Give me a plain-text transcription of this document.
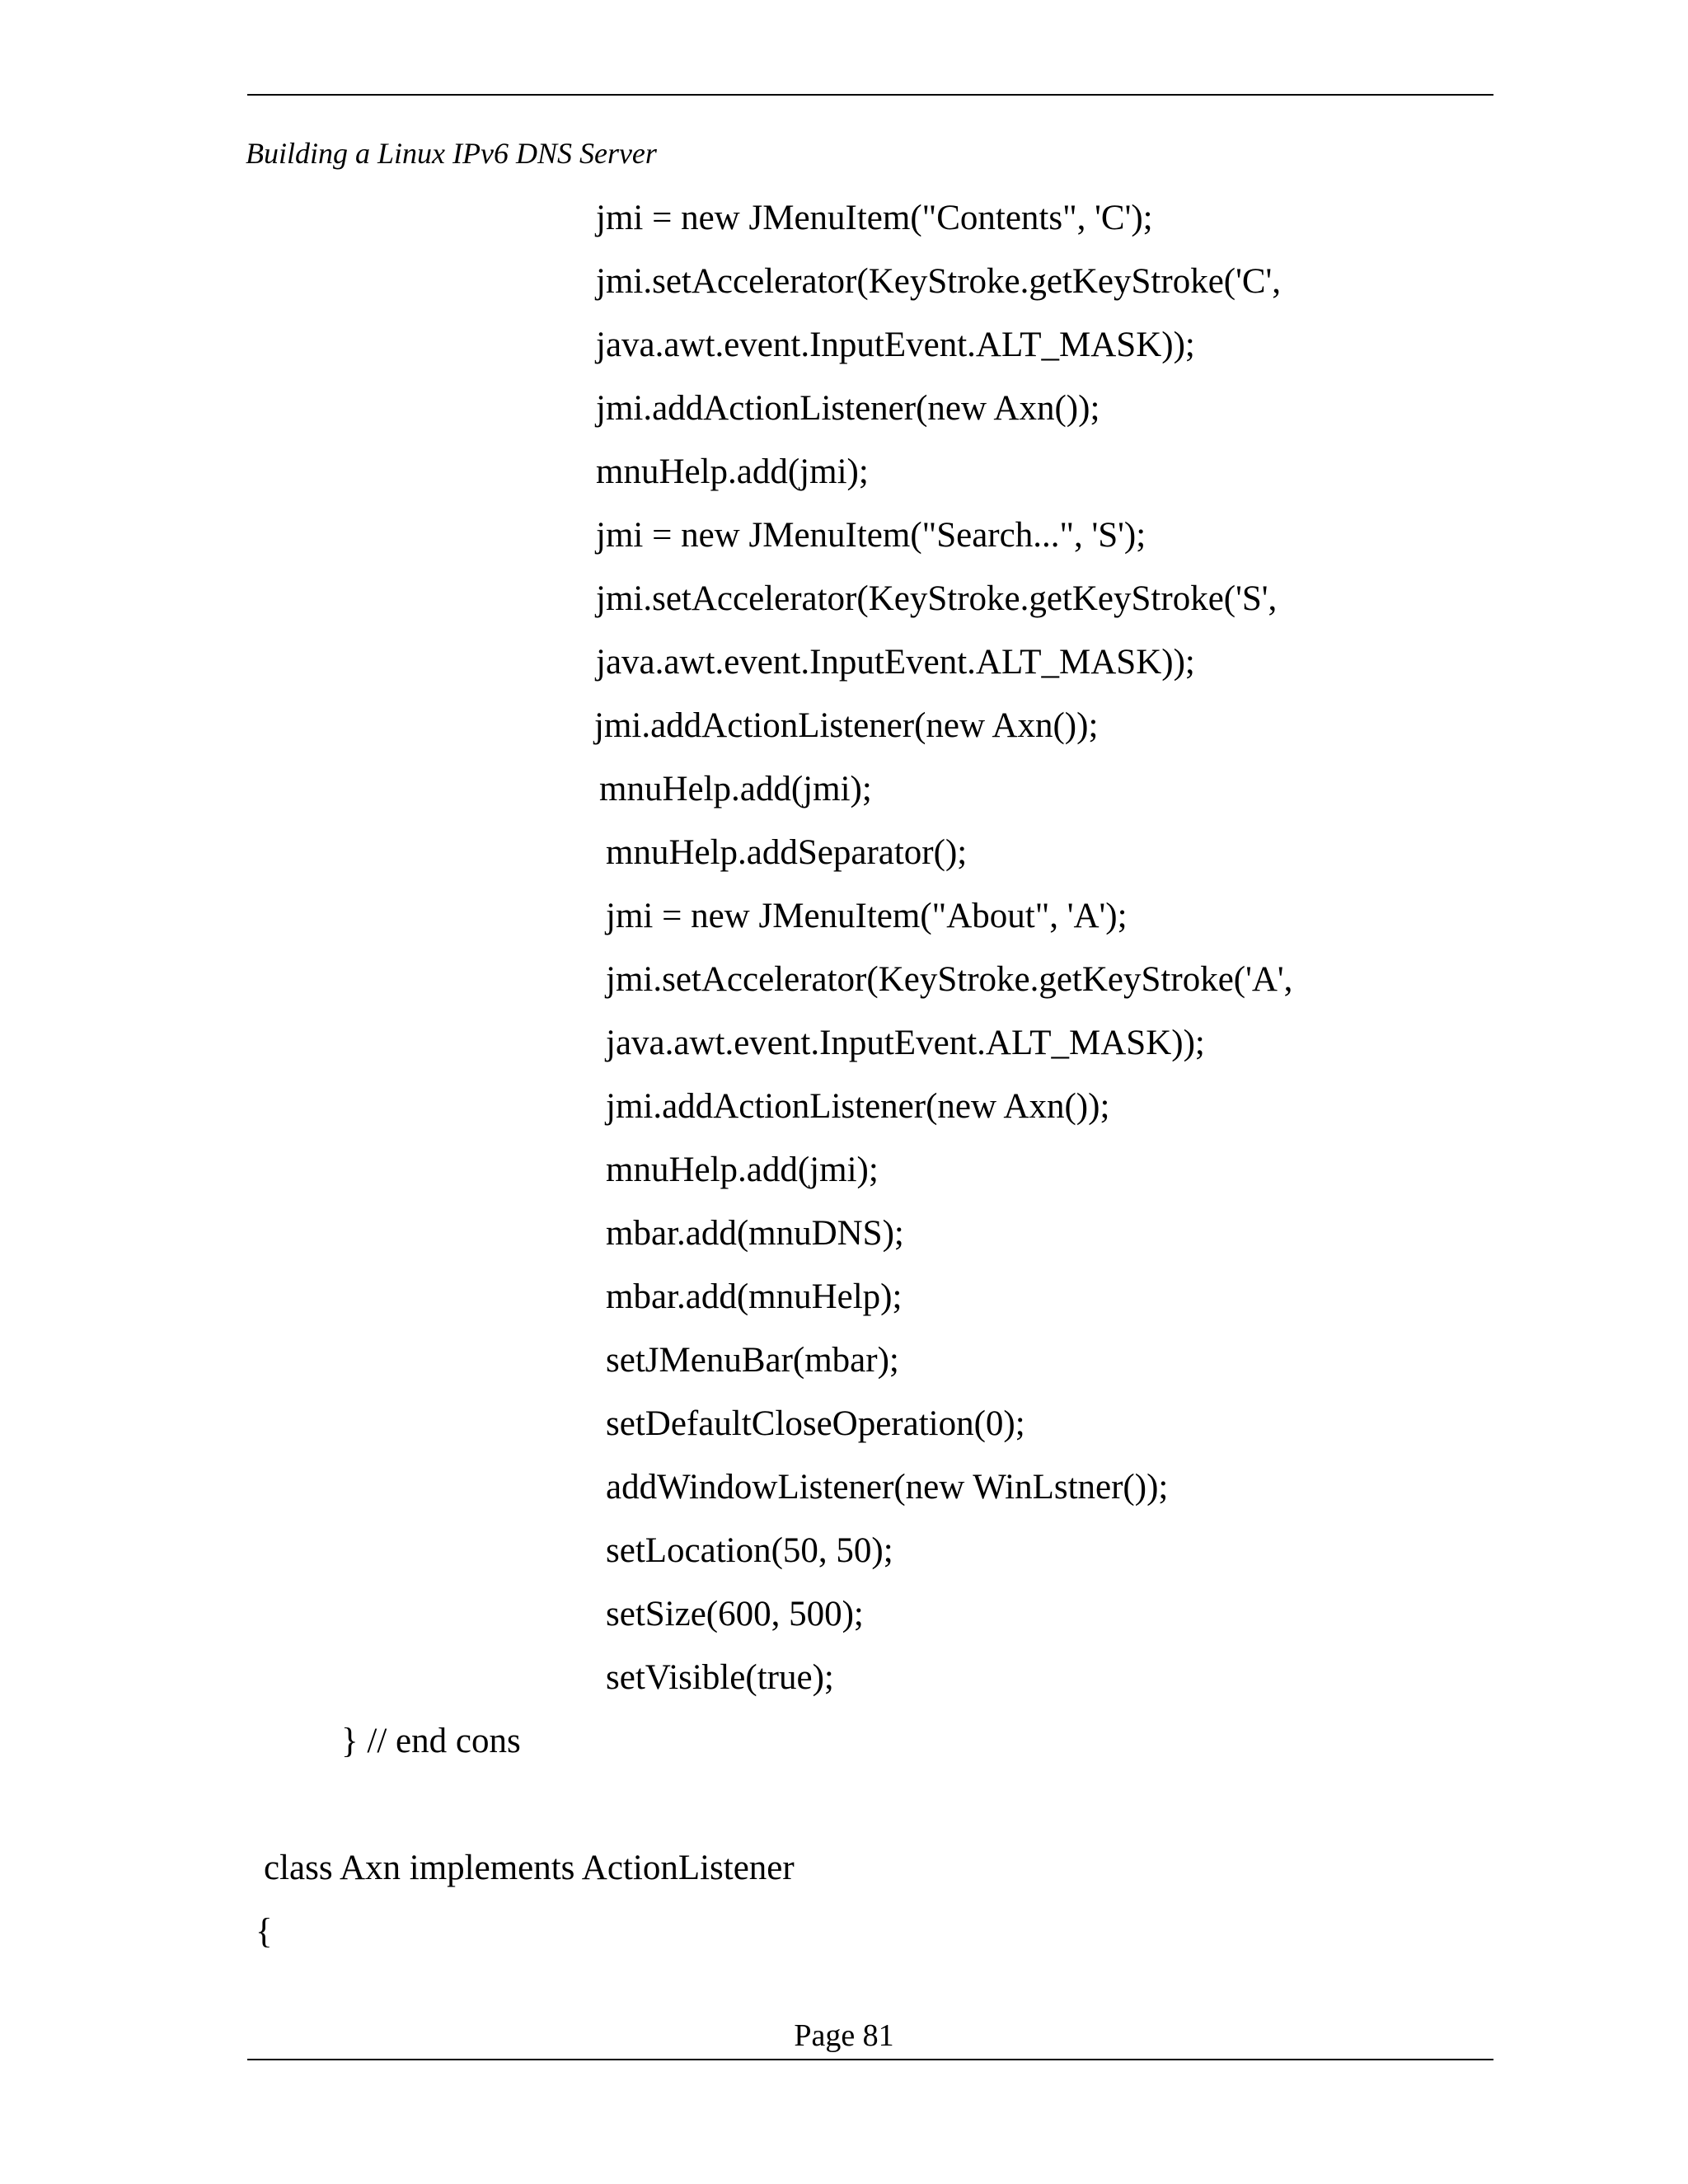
Building a Linux IPv6 DNS Server
jmi = new JMenuItem("Contents", 'C');
jmi.setAccelerator(KeyStroke.getKeyStroke('C',
java.awt.event.InputEvent.ALT_MASK));
jmi.addActionListener(new Axn());
mnuHelp.add(jmi);
jmi = new JMenuItem("Search...", 'S');
jmi.setAccelerator(KeyStroke.getKeyStroke('S',
java.awt.event.InputEvent.ALT_MASK));
jmi.addActionListener(new Axn());
mnuHelp.add(jmi);
mnuHelp.addSeparator();
jmi = new JMenuItem("About", 'A');
jmi.setAccelerator(KeyStroke.getKeyStroke('A',
java.awt.event.InputEvent.ALT_MASK));
jmi.addActionListener(new Axn());
mnuHelp.add(jmi);
mbar.add(mnuDNS);
mbar.add(mnuHelp);
setJMenuBar(mbar);
setDefaultCloseOperation(0);
addWindowListener(new WinLstner());
setLocation(50, 50);
setSize(600, 500);
setVisible(true);
} // end cons
class Axn implements ActionListener
{
Page 81
